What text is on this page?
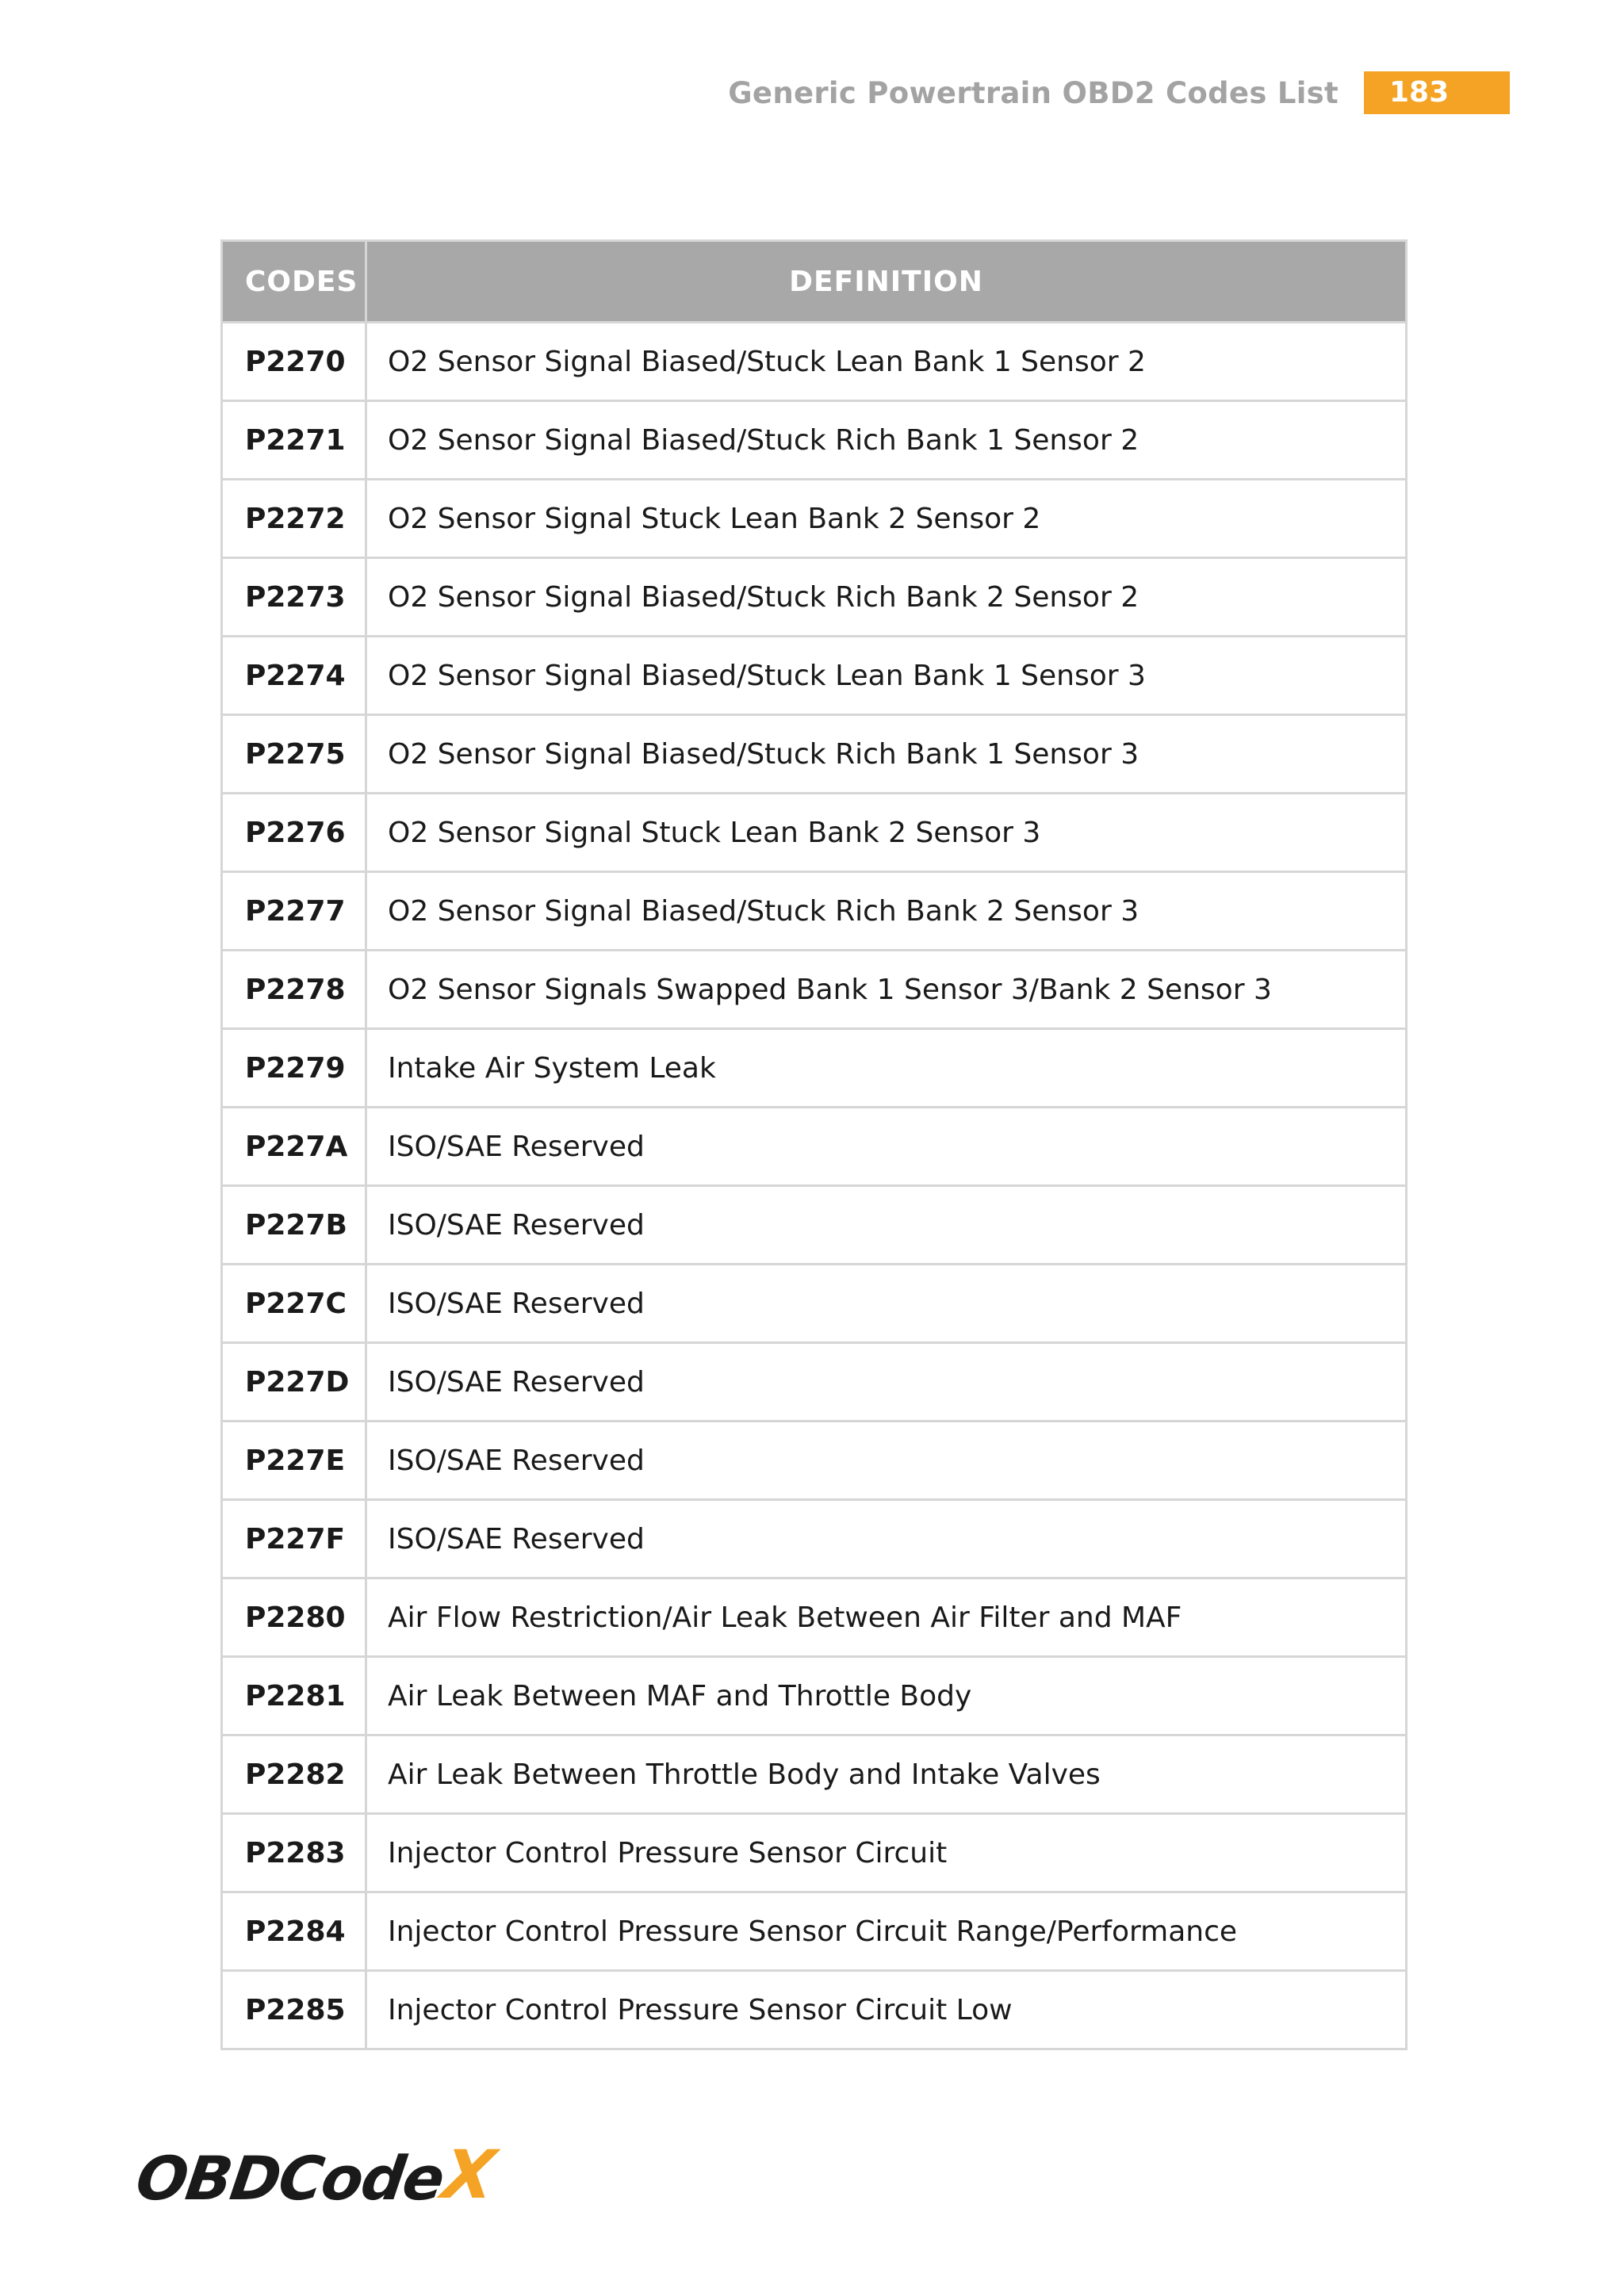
Generic Powertrain OBD2 Codes List	183
CODES	DEFINITION
P2270	O2 Sensor Signal Biased/Stuck Lean Bank 1 Sensor 2
P2271	O2 Sensor Signal Biased/Stuck Rich Bank 1 Sensor 2
P2272	O2 Sensor Signal Stuck Lean Bank 2 Sensor 2
P2273	O2 Sensor Signal Biased/Stuck Rich Bank 2 Sensor 2
P2274	O2 Sensor Signal Biased/Stuck Lean Bank 1 Sensor 3
P2275	O2 Sensor Signal Biased/Stuck Rich Bank 1 Sensor 3
P2276	O2 Sensor Signal Stuck Lean Bank 2 Sensor 3
P2277	O2 Sensor Signal Biased/Stuck Rich Bank 2 Sensor 3
P2278	O2 Sensor Signals Swapped Bank 1 Sensor 3/Bank 2 Sensor 3
P2279	Intake Air System Leak
P227A	ISO/SAE Reserved
P227B	ISO/SAE Reserved
P227C	ISO/SAE Reserved
P227D	ISO/SAE Reserved
P227E	ISO/SAE Reserved
P227F	ISO/SAE Reserved
P2280	Air Flow Restriction/Air Leak Between Air Filter and MAF
P2281	Air Leak Between MAF and Throttle Body
P2282	Air Leak Between Throttle Body and Intake Valves
P2283	Injector Control Pressure Sensor Circuit
P2284	Injector Control Pressure Sensor Circuit Range/Performance
P2285	Injector Control Pressure Sensor Circuit Low
OBDCode
X
